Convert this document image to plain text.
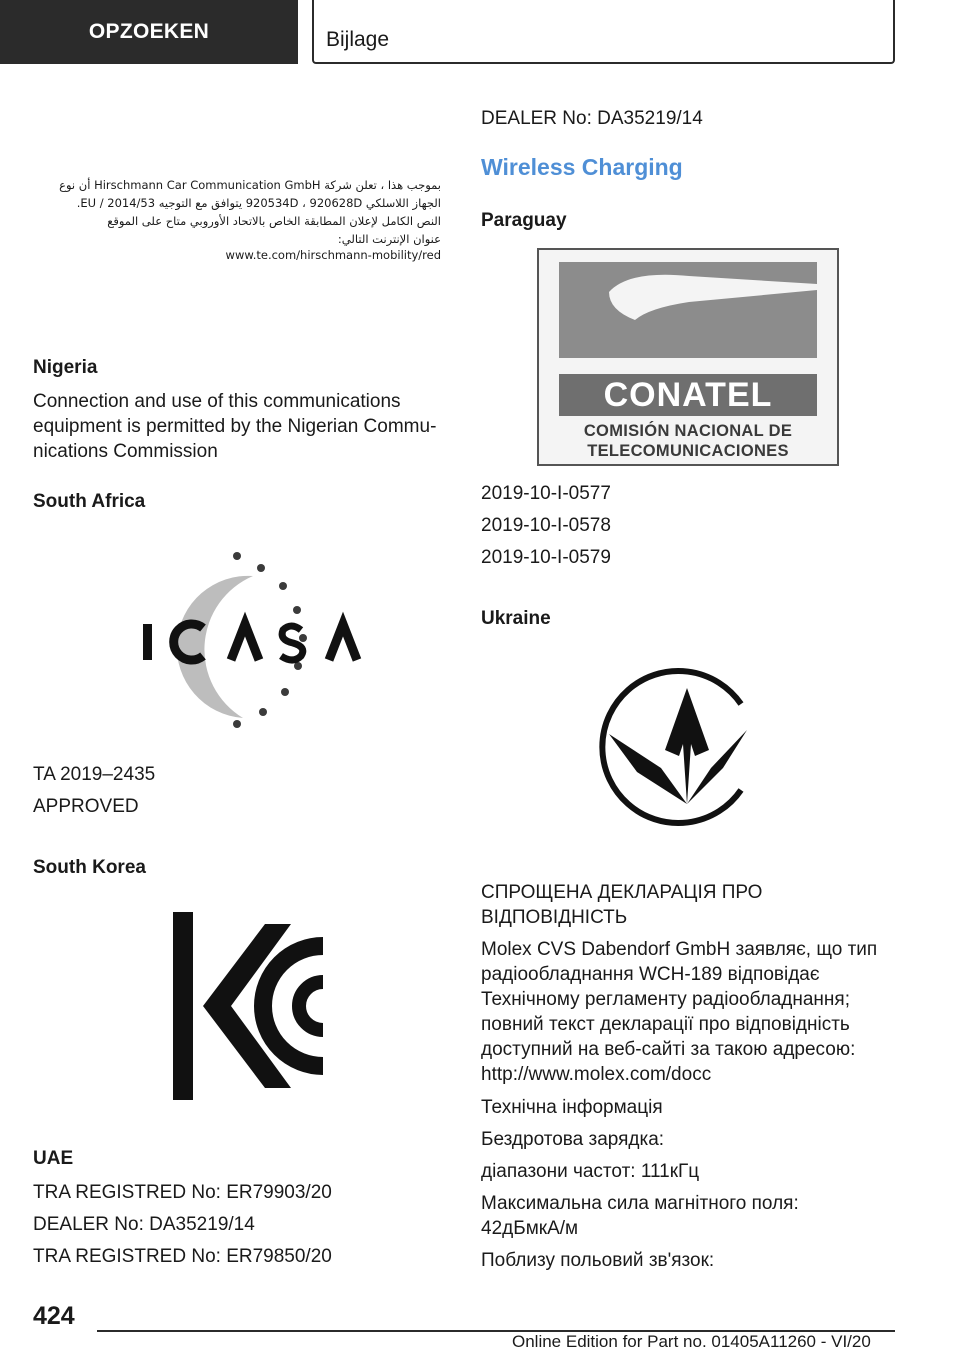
OPZOEKEN	Bijlage
بموجب هذا ، تعلن شركة Hirschmann Car Communication GmbH أن نوع
الجهاز اللاسلكي 920534D ، 920628D يتوافق مع التوجيه 2014/53 / EU.
النص الكامل لإعلان المطابقة الخاص بالاتحاد الأوروبي متاح على الموقع
عنوان الإنترنت التالي:
www.te.com/hirschmann-mobility/red
Nigeria
Connection and use of this communications
equipment is permitted by the Nigerian Commu-
nications Commission
South Africa
TA 2019–2435
APPROVED
South Korea
UAE
TRA REGISTRED No: ER79903/20
DEALER No: DA35219/14
TRA REGISTRED No: ER79850/20
DEALER No: DA35219/14
Wireless Charging
Paraguay
CONATEL
COMISIÓN NACIONAL DE
TELECOMUNICACIONES
2019-10-I-0577
2019-10-I-0578
2019-10-I-0579
Ukraine
СПРОЩЕНА ДЕКЛАРАЦІЯ ПРО
ВІДПОВІДНІСТЬ
Molex CVS Dabendorf GmbH заявляє, що тип
радіообладнання WCH-189 відповідає
Технічному регламенту радіообладнання;
повний текст декларації про відповідність
доступний на веб-сайті за такою адресою:
http://www.molex.com/docc
Технічна інформація
Бездротова зарядка:
діапазони частот: 111кГц
Максимальна сила магнітного поля:
42дБмкА/м
Поблизу польовий зв'язок:
424
Online Edition for Part no. 01405A11260 - VI/20
